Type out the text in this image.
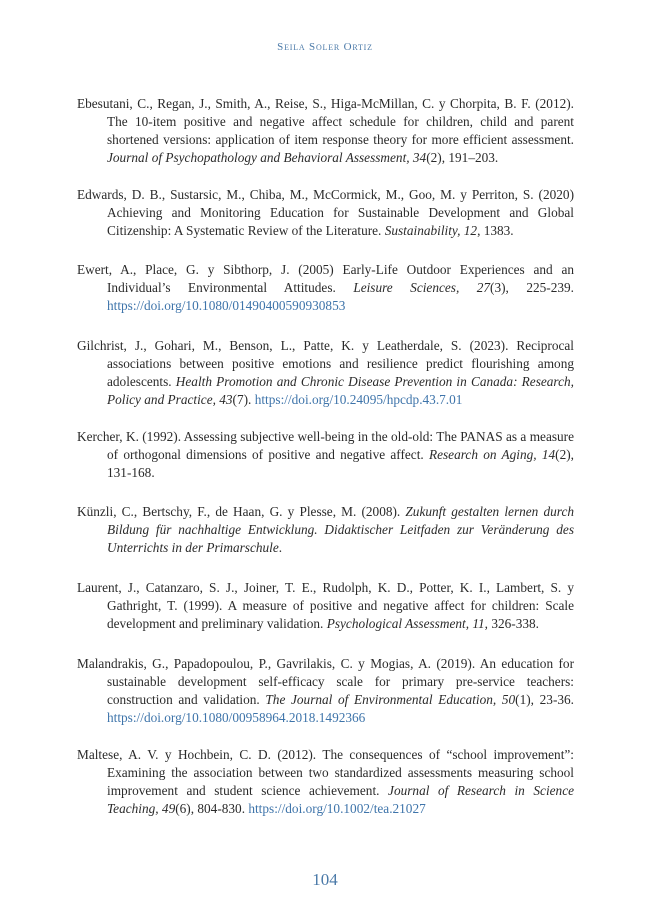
Seila Soler Ortiz
Ebesutani, C., Regan, J., Smith, A., Reise, S., Higa-McMillan, C. y Chorpita, B. F. (2012). The 10-item positive and negative affect schedule for children, child and parent shortened versions: application of item response theory for more efficient assessment. Journal of Psychopathology and Behavioral Assessment, 34(2), 191–203.
Edwards, D. B., Sustarsic, M., Chiba, M., McCormick, M., Goo, M. y Perriton, S. (2020) Achieving and Monitoring Education for Sustainable Development and Global Citizenship: A Systematic Review of the Literature. Sustainability, 12, 1383.
Ewert, A., Place, G. y Sibthorp, J. (2005) Early-Life Outdoor Experiences and an Individual’s Environmental Attitudes. Leisure Sciences, 27(3), 225-239. https://doi.org/10.1080/01490400590930853
Gilchrist, J., Gohari, M., Benson, L., Patte, K. y Leatherdale, S. (2023). Reciprocal associations between positive emotions and resilience predict flourishing among adolescents. Health Promotion and Chronic Disease Prevention in Canada: Research, Policy and Practice, 43(7). https://doi.org/10.24095/hpcdp.43.7.01
Kercher, K. (1992). Assessing subjective well-being in the old-old: The PANAS as a measure of orthogonal dimensions of positive and negative affect. Research on Aging, 14(2), 131-168.
Künzli, C., Bertschy, F., de Haan, G. y Plesse, M. (2008). Zukunft gestalten lernen durch Bildung für nachhaltige Entwicklung. Didaktischer Leitfaden zur Veränderung des Unterrichts in der Primarschule.
Laurent, J., Catanzaro, S. J., Joiner, T. E., Rudolph, K. D., Potter, K. I., Lambert, S. y Gathright, T. (1999). A measure of positive and negative affect for children: Scale development and preliminary validation. Psychological Assessment, 11, 326-338.
Malandrakis, G., Papadopoulou, P., Gavrilakis, C. y Mogias, A. (2019). An education for sustainable development self-efficacy scale for primary pre-service teachers: construction and validation. The Journal of Environmental Education, 50(1), 23-36. https://doi.org/10.1080/00958964.2018.1492366
Maltese, A. V. y Hochbein, C. D. (2012). The consequences of “school improvement”: Examining the association between two standardized assessments measuring school improvement and student science achievement. Journal of Research in Science Teaching, 49(6), 804-830. https://doi.org/10.1002/tea.21027
104
